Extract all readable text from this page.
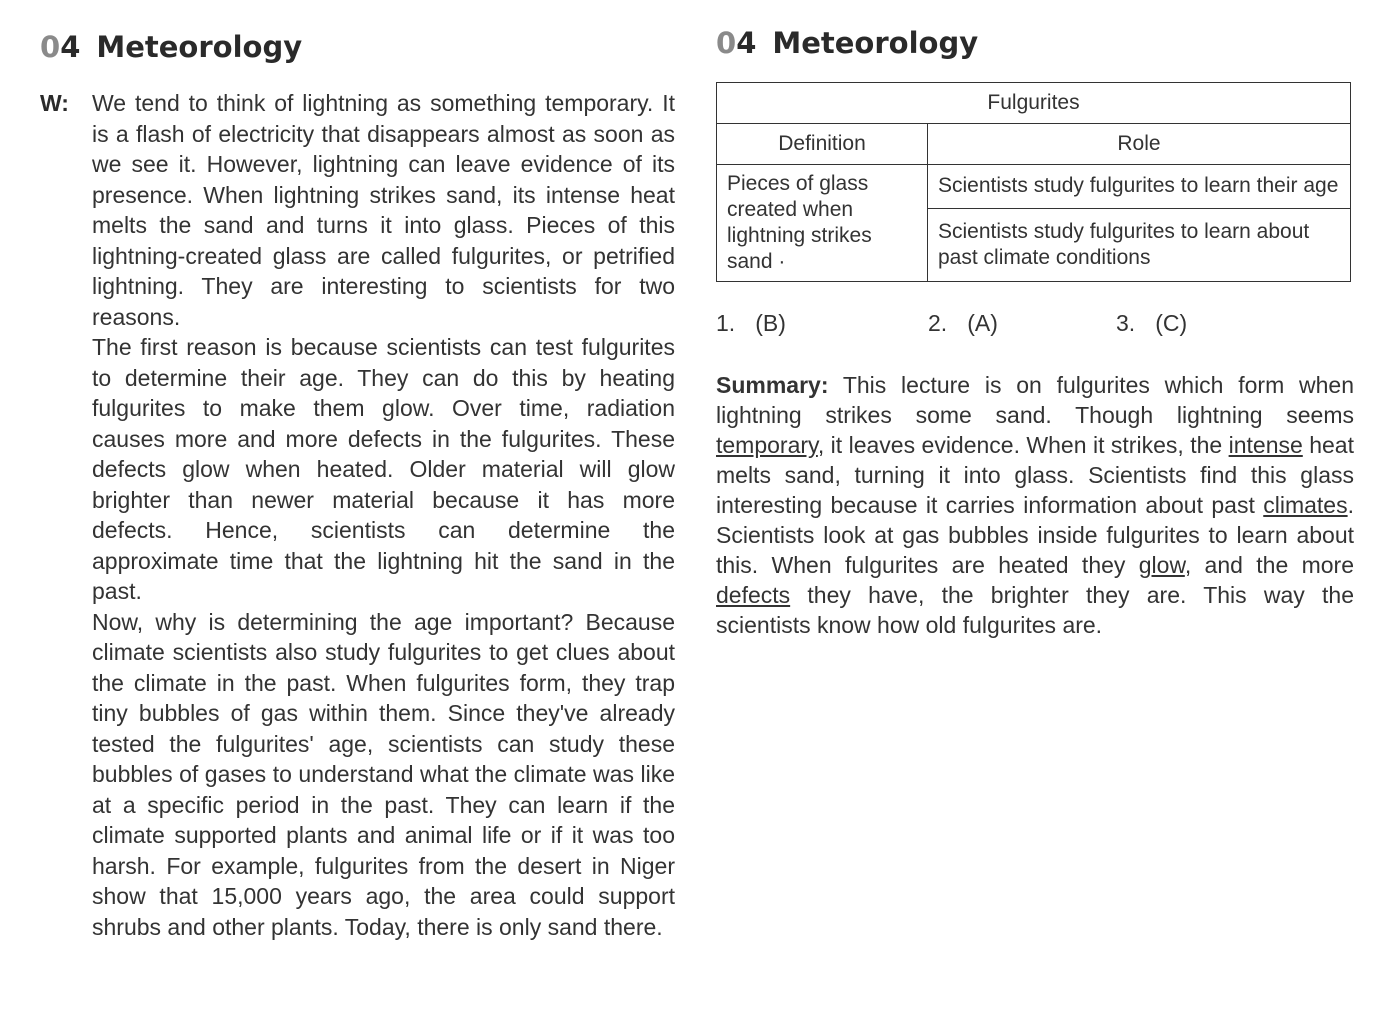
04 Meteorology
W:	We tend to think of lightning as something temporary. It is a flash of electricity that disappears almost as soon as we see it. However, lightning can leave evidence of its presence. When lightning strikes sand, its intense heat melts the sand and turns it into glass. Pieces of this lightning-created glass are called fulgurites, or petrified lightning. They are interesting to scientists for two reasons.

The first reason is because scientists can test fulgurites to determine their age. They can do this by heating fulgurites to make them glow. Over time, radiation causes more and more defects in the fulgurites. These defects glow when heated. Older material will glow brighter than newer material because it has more defects. Hence, scientists can determine the approximate time that the lightning hit the sand in the past.

Now, why is determining the age important? Because climate scientists also study fulgurites to get clues about the climate in the past. When fulgurites form, they trap tiny bubbles of gas within them. Since they've already tested the fulgurites' age, scientists can study these bubbles of gases to understand what the climate was like at a specific period in the past. They can learn if the climate supported plants and animal life or if it was too harsh. For example, fulgurites from the desert in Niger show that 15,000 years ago, the area could support shrubs and other plants. Today, there is only sand there.

04 Meteorology
Fulgurites	
Definition	Role
Pieces of glass created when lightning strikes sand ·	Scientists study fulgurites to learn their age
	Scientists study fulgurites to learn about past climate conditions
1. (B)	2. (A)	3. (C)
Summary: This lecture is on fulgurites which form when lightning strikes some sand. Though lightning seems temporary, it leaves evidence. When it strikes, the intense heat melts sand, turning it into glass. Scientists find this glass interesting because it carries information about past climates. Scientists look at gas bubbles inside fulgurites to learn about this. When fulgurites are heated they glow, and the more defects they have, the brighter they are. This way the scientists know how old fulgurites are.
